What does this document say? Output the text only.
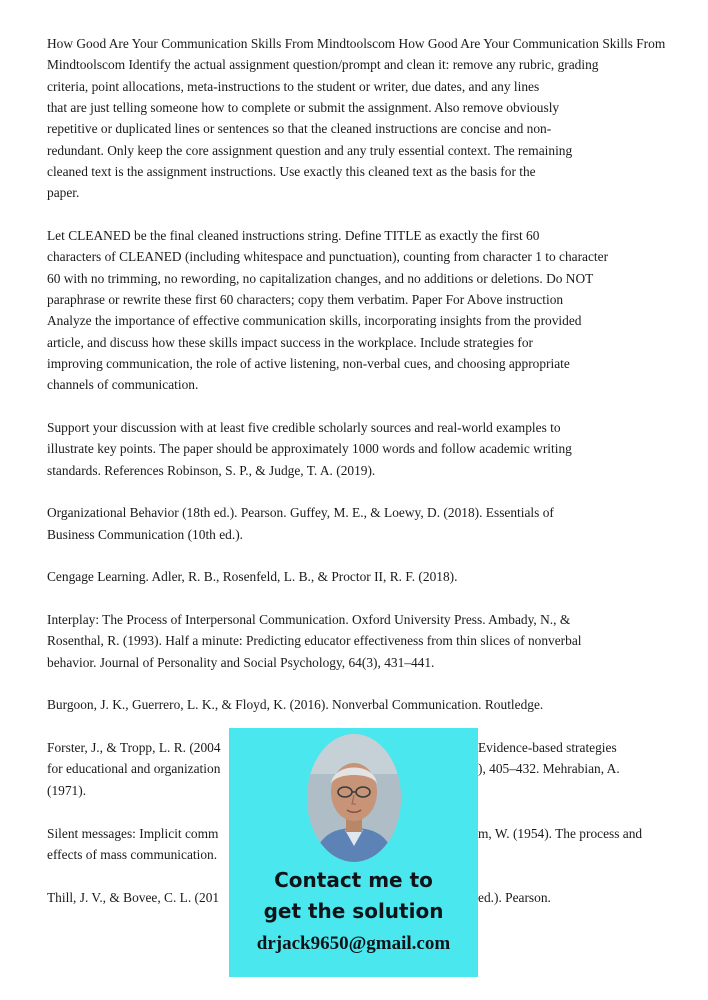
How Good Are Your Communication Skills From Mindtoolscom How Good Are Your Communication Skills From
Mindtoolscom Identify the actual assignment question/prompt and clean it: remove any rubric, grading
criteria, point allocations, meta-instructions to the student or writer, due dates, and any lines
that are just telling someone how to complete or submit the assignment. Also remove obviously
repetitive or duplicated lines or sentences so that the cleaned instructions are concise and non-
redundant. Only keep the core assignment question and any truly essential context. The remaining
cleaned text is the assignment instructions. Use exactly this cleaned text as the basis for the
paper.
Let CLEANED be the final cleaned instructions string. Define TITLE as exactly the first 60
characters of CLEANED (including whitespace and punctuation), counting from character 1 to character
60 with no trimming, no rewording, no capitalization changes, and no additions or deletions. Do NOT
paraphrase or rewrite these first 60 characters; copy them verbatim. Paper For Above instruction
Analyze the importance of effective communication skills, incorporating insights from the provided
article, and discuss how these skills impact success in the workplace. Include strategies for
improving communication, the role of active listening, non-verbal cues, and choosing appropriate
channels of communication.
Support your discussion with at least five credible scholarly sources and real-world examples to
illustrate key points. The paper should be approximately 1000 words and follow academic writing
standards. References Robinson, S. P., & Judge, T. A. (2019).
Organizational Behavior (18th ed.). Pearson. Guffey, M. E., & Loewy, D. (2018). Essentials of
Business Communication (10th ed.).
Cengage Learning. Adler, R. B., Rosenfeld, L. B., & Proctor II, R. F. (2018).
Interplay: The Process of Interpersonal Communication. Oxford University Press. Ambady, N., &
Rosenthal, R. (1993). Half a minute: Predicting educator effectiveness from thin slices of nonverbal
behavior. Journal of Personality and Social Psychology, 64(3), 431–441.
Burgoon, J. K., Guerrero, L. K., & Floyd, K. (2016). Nonverbal Communication. Routledge.
Forster, J., & Tropp, L. R. (2004	Evidence-based strategies
for educational and organization	), 405–432. Mehrabian, A.
(1971).
Silent messages: Implicit comm	m, W. (1954). The process and
effects of mass communication.
Thill, J. V., & Bovee, C. L. (201	ed.). Pearson.
Contact me to
get the solution
drjack9650@gmail.com
